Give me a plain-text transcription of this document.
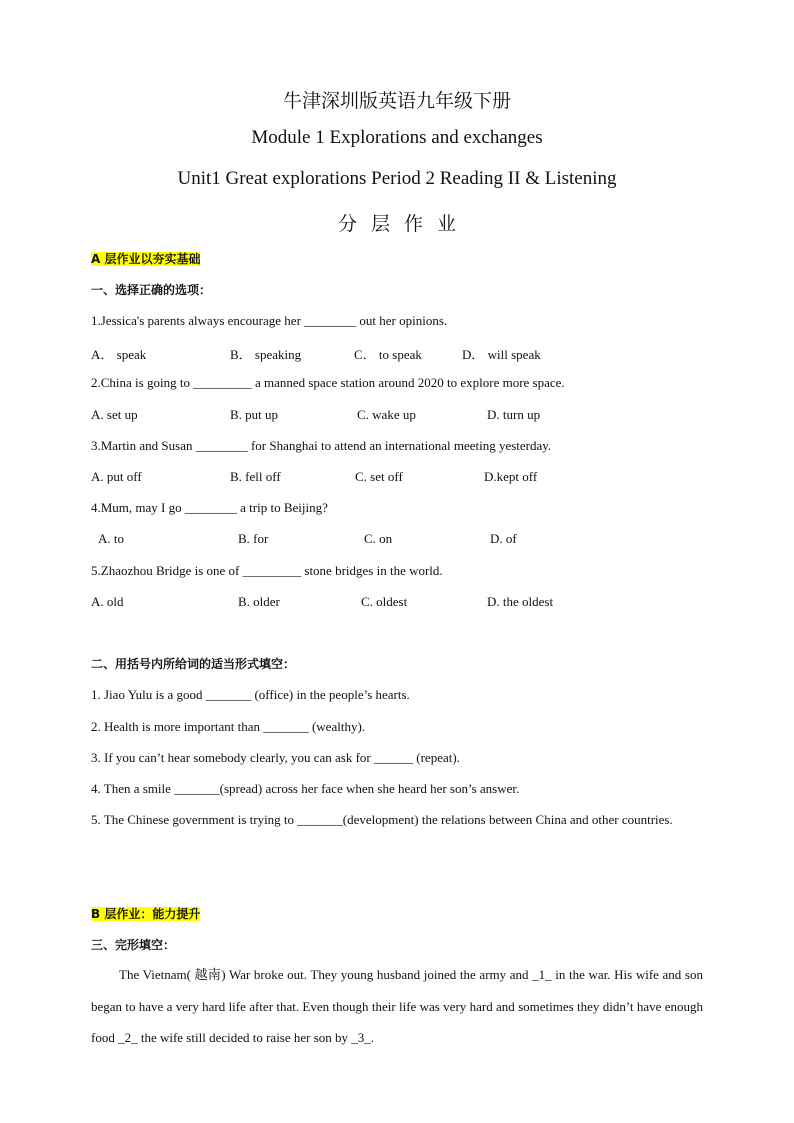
牛津深圳版英语九年级下册
Module 1 Explorations and exchanges
Unit1 Great explorations Period 2 Reading II & Listening
分层作业
A 层作业以夯实基础
一、选择正确的选项：
1.Jessica's parents always encourage her ________ out her opinions.
A． speak	B． speaking	C． to speak	D． will speak
2.China is going to _________ a manned space station around 2020 to explore more space.
A. set up	B. put up	C. wake up	D. turn up
3.Martin and Susan ________ for Shanghai to attend an international meeting yesterday.
A. put off	B. fell off	C. set off	D.kept off
4.Mum, may I go ________ a trip to Beijing?
A. to	B. for	C. on	D. of
5.Zhaozhou Bridge is one of _________ stone bridges in the world.
A. old	B. older	C. oldest	D. the oldest
二、用括号内所给词的适当形式填空：
1. Jiao Yulu is a good _______ (office) in the people’s hearts.
2. Health is more important than _______ (wealthy).
3. If you can’t hear somebody clearly, you can ask for ______ (repeat).
4. Then a smile _______(spread) across her face when she heard her son’s answer.
5. The Chinese government is trying to _______(development) the relations between China and other countries.
B 层作业：能力提升
三、完形填空：
The Vietnam( 越南) War broke out. They young husband joined the army and _1_ in the war. His wife and son began to have a very hard life after that. Even though their life was very hard and sometimes they didn’t have enough food _2_ the wife still decided to raise her son by _3_.
